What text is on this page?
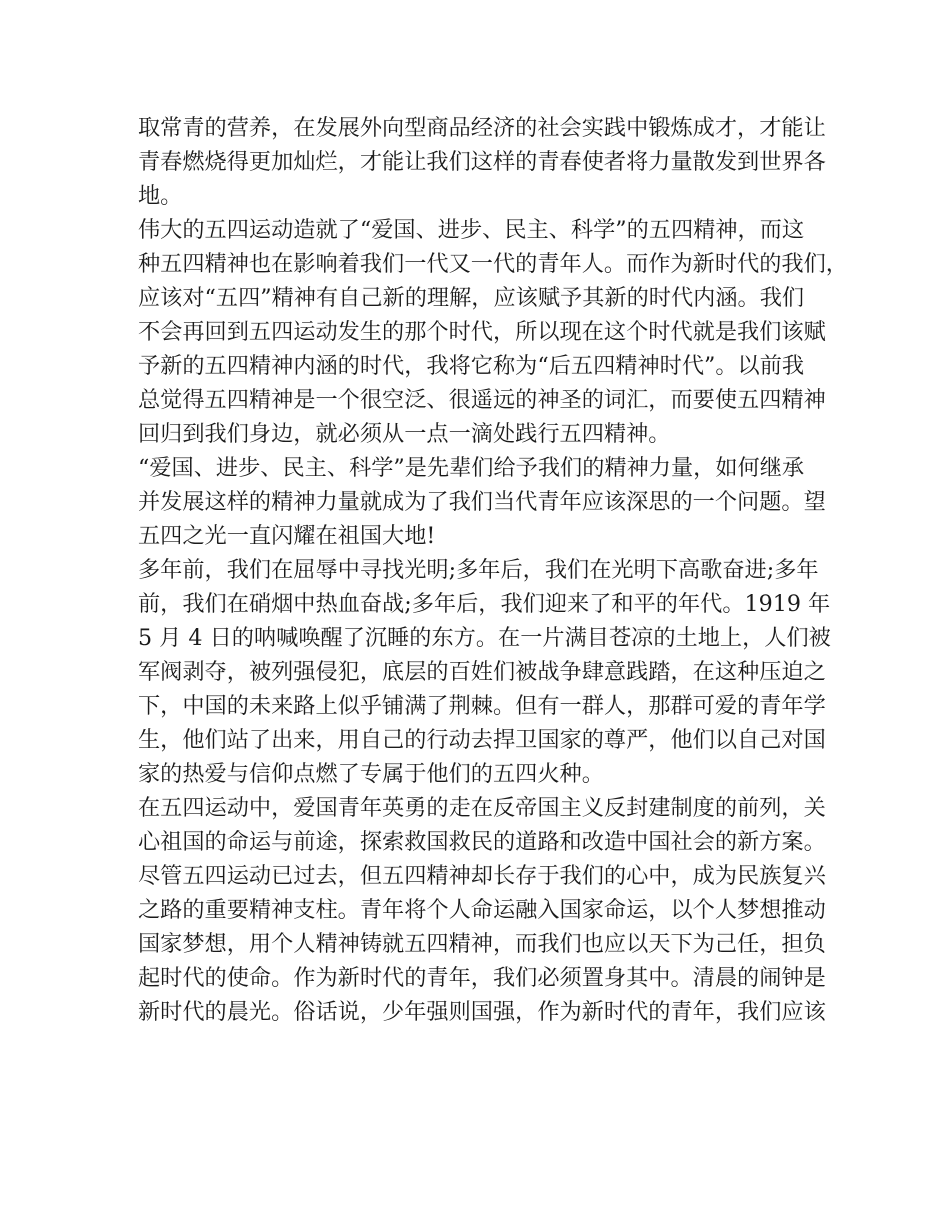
取常青的营养，在发展外向型商品经济的社会实践中锻炼成才，才能让
青春燃烧得更加灿烂，才能让我们这样的青春使者将力量散发到世界各
地。
伟大的五四运动造就了“爱国、进步、民主、科学”的五四精神，而这
种五四精神也在影响着我们一代又一代的青年人。而作为新时代的我们，
应该对“五四”精神有自己新的理解，应该赋予其新的时代内涵。我们
不会再回到五四运动发生的那个时代，所以现在这个时代就是我们该赋
予新的五四精神内涵的时代，我将它称为“后五四精神时代”。以前我
总觉得五四精神是一个很空泛、很遥远的神圣的词汇，而要使五四精神
回归到我们身边，就必须从一点一滴处践行五四精神。
“爱国、进步、民主、科学”是先辈们给予我们的精神力量，如何继承
并发展这样的精神力量就成为了我们当代青年应该深思的一个问题。望
五四之光一直闪耀在祖国大地!
多年前，我们在屈辱中寻找光明;多年后，我们在光明下高歌奋进;多年
前，我们在硝烟中热血奋战;多年后，我们迎来了和平的年代。1919 年
5 月 4 日的呐喊唤醒了沉睡的东方。在一片满目苍凉的土地上，人们被
军阀剥夺，被列强侵犯，底层的百姓们被战争肆意践踏，在这种压迫之
下，中国的未来路上似乎铺满了荆棘。但有一群人，那群可爱的青年学
生，他们站了出来，用自己的行动去捍卫国家的尊严，他们以自己对国
家的热爱与信仰点燃了专属于他们的五四火种。
在五四运动中，爱国青年英勇的走在反帝国主义反封建制度的前列，关
心祖国的命运与前途，探索救国救民的道路和改造中国社会的新方案。
尽管五四运动已过去，但五四精神却长存于我们的心中，成为民族复兴
之路的重要精神支柱。青年将个人命运融入国家命运，以个人梦想推动
国家梦想，用个人精神铸就五四精神，而我们也应以天下为己任，担负
起时代的使命。作为新时代的青年，我们必须置身其中。清晨的闹钟是
新时代的晨光。俗话说，少年强则国强，作为新时代的青年，我们应该
